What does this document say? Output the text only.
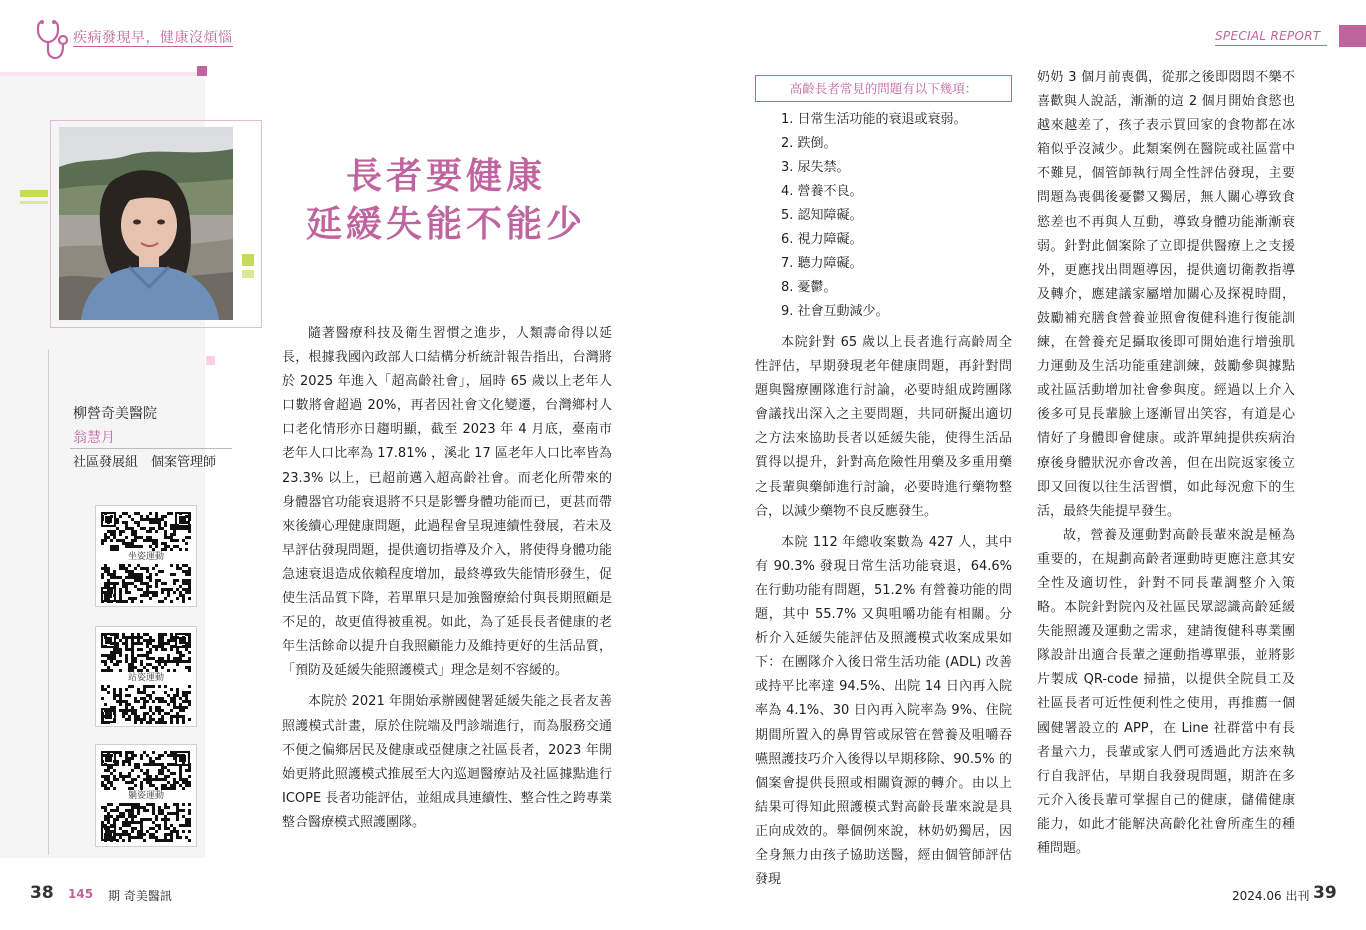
疾病發現早，健康沒煩惱	SPECIAL REPORT
柳營奇美醫院
翁慧月
社區發展組　個案管理師
坐姿運動
站姿運動
躺姿運動
長者要健康
延緩失能不能少

隨著醫療科技及衛生習慣之進步，人類壽命得以延長，根據我國內政部人口結構分析統計報告指出，台灣將於 2025 年進入「超高齡社會」，屆時 65 歲以上老年人口數將會超過 20%，再者因社會文化變遷，台灣鄉村人口老化情形亦日趨明顯，截至 2023 年 4 月底，臺南市老年人口比率為 17.81% ，溪北 17 區老年人口比率皆為 23.3% 以上，已超前邁入超高齡社會。而老化所帶來的身體器官功能衰退將不只是影響身體功能而已，更甚而帶來後續心理健康問題，此過程會呈現連續性發展，若未及早評估發現問題，提供適切指導及介入，將使得身體功能急速衰退造成依賴程度增加，最終導致失能情形發生，促使生活品質下降，若單單只是加強醫療給付與長期照顧是不足的，故更值得被重視。如此，為了延長長者健康的老年生活餘命以提升自我照顧能力及維持更好的生活品質，「預防及延緩失能照護模式」理念是刻不容緩的。

本院於 2021 年開始承辦國健署延緩失能之長者友善照護模式計畫，原於住院端及門診端進行，而為服務交通不便之偏鄉居民及健康或亞健康之社區長者，2023 年開始更將此照護模式推展至大內巡迴醫療站及社區據點進行 ICOPE 長者功能評估，並組成具連續性、整合性之跨專業整合醫療模式照護團隊。

高齡長者常見的問題有以下幾項：
1. 日常生活功能的衰退或衰弱。
2. 跌倒。
3. 尿失禁。
4. 營養不良。
5. 認知障礙。
6. 視力障礙。
7. 聽力障礙。
8. 憂鬱。
9. 社會互動減少。

本院針對 65 歲以上長者進行高齡周全性評估，早期發現老年健康問題，再針對問題與醫療團隊進行討論，必要時組成跨團隊會議找出深入之主要問題，共同研擬出適切之方法來協助長者以延緩失能，使得生活品質得以提升，針對高危險性用藥及多重用藥之長輩與藥師進行討論，必要時進行藥物整合，以減少藥物不良反應發生。

本院 112 年總收案數為 427 人，其中有 90.3% 發現日常生活功能衰退，64.6% 在行動功能有問題，51.2% 有營養功能的問題，其中 55.7% 又與咀嚼功能有相關。分析介入延緩失能評估及照護模式收案成果如下：在團隊介入後日常生活功能 (ADL) 改善或持平比率達 94.5%、出院 14 日內再入院率為 4.1%、30 日內再入院率為 9%、住院期間所置入的鼻胃管或尿管在營養及咀嚼吞嚥照護技巧介入後得以早期移除、90.5% 的個案會提供長照或相關資源的轉介。由以上結果可得知此照護模式對高齡長輩來說是具正向成效的。舉個例來說，林奶奶獨居，因全身無力由孩子協助送醫，經由個管師評估發現

奶奶 3 個月前喪偶，從那之後即悶悶不樂不喜歡與人說話，漸漸的這 2 個月開始食慾也越來越差了，孩子表示買回家的食物都在冰箱似乎沒減少。此類案例在醫院或社區當中不難見，個管師執行周全性評估發現，主要問題為喪偶後憂鬱又獨居，無人關心導致食慾差也不再與人互動，導致身體功能漸漸衰弱。針對此個案除了立即提供醫療上之支援外，更應找出問題導因，提供適切衛教指導及轉介，應建議家屬增加關心及探視時間，鼓勵補充膳食營養並照會復健科進行復能訓練，在營養充足攝取後即可開始進行增強肌力運動及生活功能重建訓練，鼓勵參與據點或社區活動增加社會參與度。經過以上介入後多可見長輩臉上逐漸冒出笑容，有道是心情好了身體即會健康。或許單純提供疾病治療後身體狀況亦會改善，但在出院返家後立即又回復以往生活習慣，如此每況愈下的生活，最終失能提早發生。

故，營養及運動對高齡長輩來說是極為重要的，在規劃高齡者運動時更應注意其安全性及適切性，針對不同長輩調整介入策略。本院針對院內及社區民眾認識高齡延緩失能照護及運動之需求，建請復健科專業團隊設計出適合長輩之運動指導單張，並將影片製成 QR-code 掃描，以提供全院員工及社區長者可近性便利性之使用，再推薦一個國健署設立的 APP，在 Line 社群當中有長者量六力，長輩或家人們可透過此方法來執行自我評估，早期自我發現問題，期許在多元介入後長輩可掌握自己的健康，儲備健康能力，如此才能解決高齡化社會所產生的種種問題。

38 145 期 奇美醫訊	2024.06 出刊 39
